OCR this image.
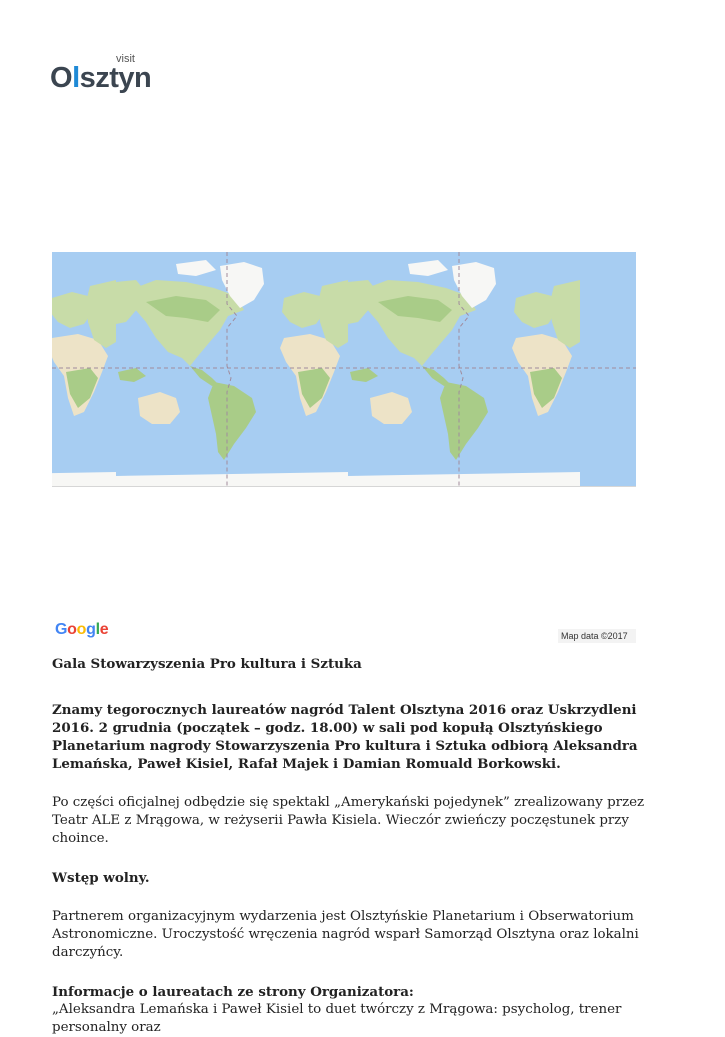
visit
Olsztyn
Google	Map data ©2017

Gala Stowarzyszenia Pro kultura i Sztuka

Znamy tegorocznych laureatów nagród Talent Olsztyna 2016 oraz Uskrzydleni 2016. 2 grudnia (początek – godz. 18.00) w sali pod kopułą Olsztyńskiego Planetarium nagrody Stowarzyszenia Pro kultura i Sztuka odbiorą Aleksandra Lemańska, Paweł Kisiel, Rafał Majek i Damian Romuald Borkowski.

Po części oficjalnej odbędzie się spektakl „Amerykański pojedynek” zrealizowany przez Teatr ALE z Mrągowa, w reżyserii Pawła Kisiela. Wieczór zwieńczy poczęstunek przy choince.

Wstęp wolny.

Partnerem organizacyjnym wydarzenia jest Olsztyńskie Planetarium i Obserwatorium Astronomiczne. Uroczystość wręczenia nagród wsparł Samorząd Olsztyna oraz lokalni darczyńcy.

Informacje o laureatach ze strony Organizatora:

„Aleksandra Lemańska i Paweł Kisiel to duet twórczy z Mrągowa: psycholog, trener personalny oraz
